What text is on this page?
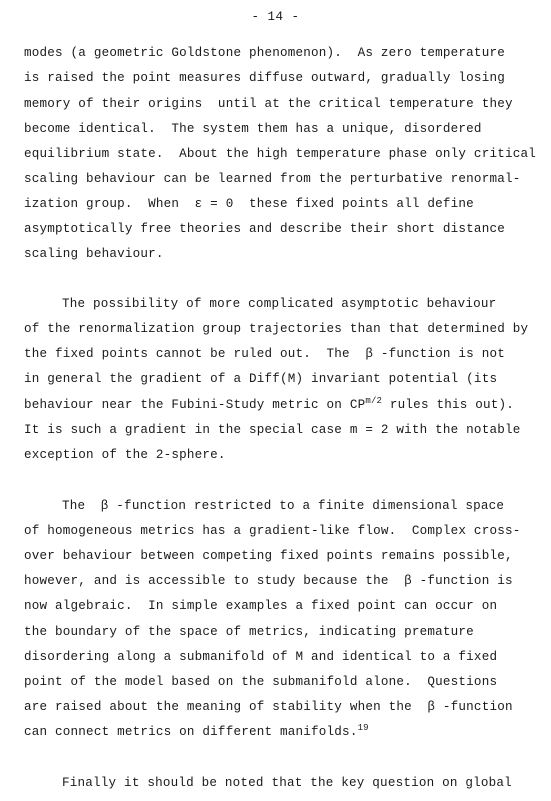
- 14 -
modes (a geometric Goldstone phenomenon).  As zero temperature
is raised the point measures diffuse outward, gradually losing
memory of their origins  until at the critical temperature they
become identical.  The system them has a unique, disordered
equilibrium state.  About the high temperature phase only critical
scaling behaviour can be learned from the perturbative renormal-
ization group.  When  ε = 0  these fixed points all define
asymptotically free theories and describe their short distance
scaling behaviour.
The possibility of more complicated asymptotic behaviour
of the renormalization group trajectories than that determined by
the fixed points cannot be ruled out.  The  β -function is not
in general the gradient of a Diff(M) invariant potential (its
behaviour near the Fubini-Study metric on $CP^{m/2}$ rules this out).
It is such a gradient in the special case m = 2 with the notable
exception of the 2-sphere.
The  β -function restricted to a finite dimensional space
of homogeneous metrics has a gradient-like flow.  Complex cross-
over behaviour between competing fixed points remains possible,
however, and is accessible to study because the  β -function is
now algebraic.  In simple examples a fixed point can occur on
the boundary of the space of metrics, indicating premature
disordering along a submanifold of M and identical to a fixed
point of the model based on the submanifold alone.  Questions
are raised about the meaning of stability when the  β -function
can connect metrics on different manifolds.$^{19}$
Finally it should be noted that the key question on global
